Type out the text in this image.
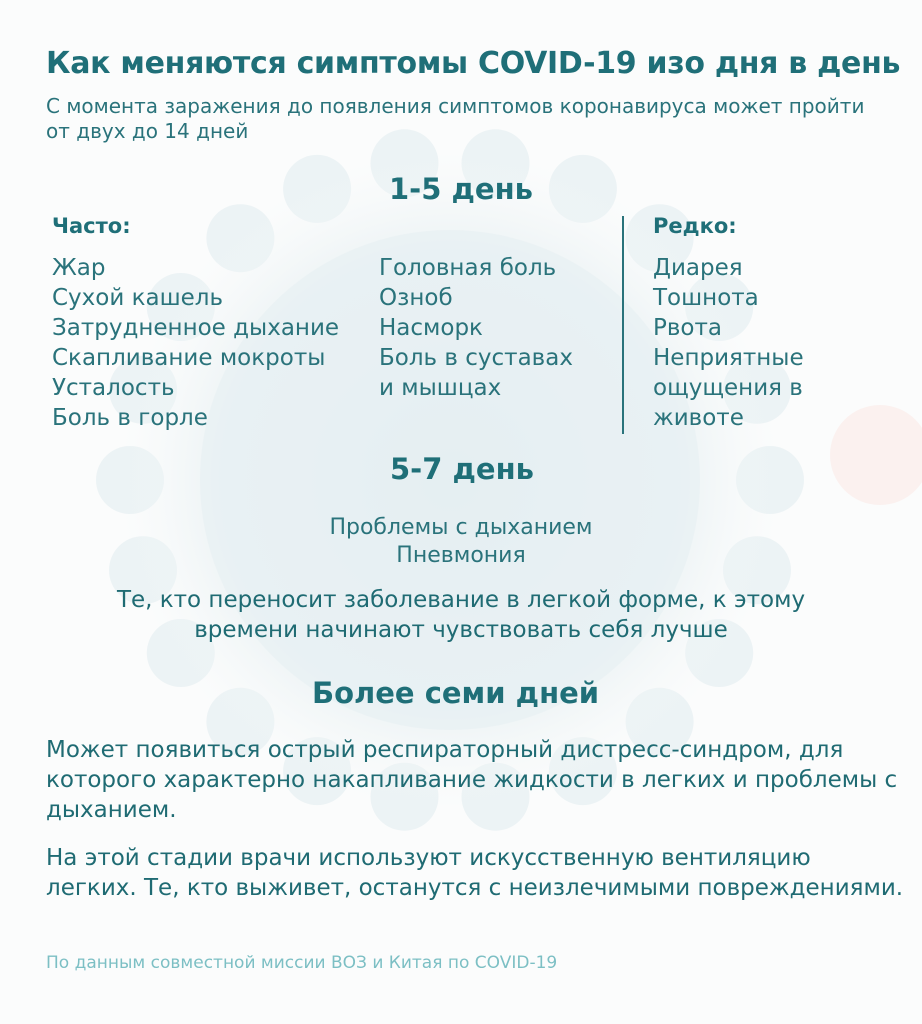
Как меняются симптомы COVID-19 изо дня в день
С момента заражения до появления симптомов коронавируса может пройти от двух до 14 дней
1-5 день
Часто:	Редко:
Жар
Сухой кашель
Затрудненное дыхание
Скапливание мокроты
Усталость
Боль в горле
Головная боль
Озноб
Насморк
Боль в суставах
и мышцах
Диарея
Тошнота
Рвота
Неприятные
ощущения в
животе
5-7 день
Проблемы с дыханием
Пневмония
Те, кто переносит заболевание в легкой форме, к этому времени начинают чувствовать себя лучше
Более семи дней

Может появиться острый респираторный дистресс-синдром, для которого характерно накапливание жидкости в легких и проблемы с дыханием.

На этой стадии врачи используют искусственную вентиляцию легких. Те, кто выживет, останутся с неизлечимыми повреждениями.

По данным совместной миссии ВОЗ и Китая по COVID-19
